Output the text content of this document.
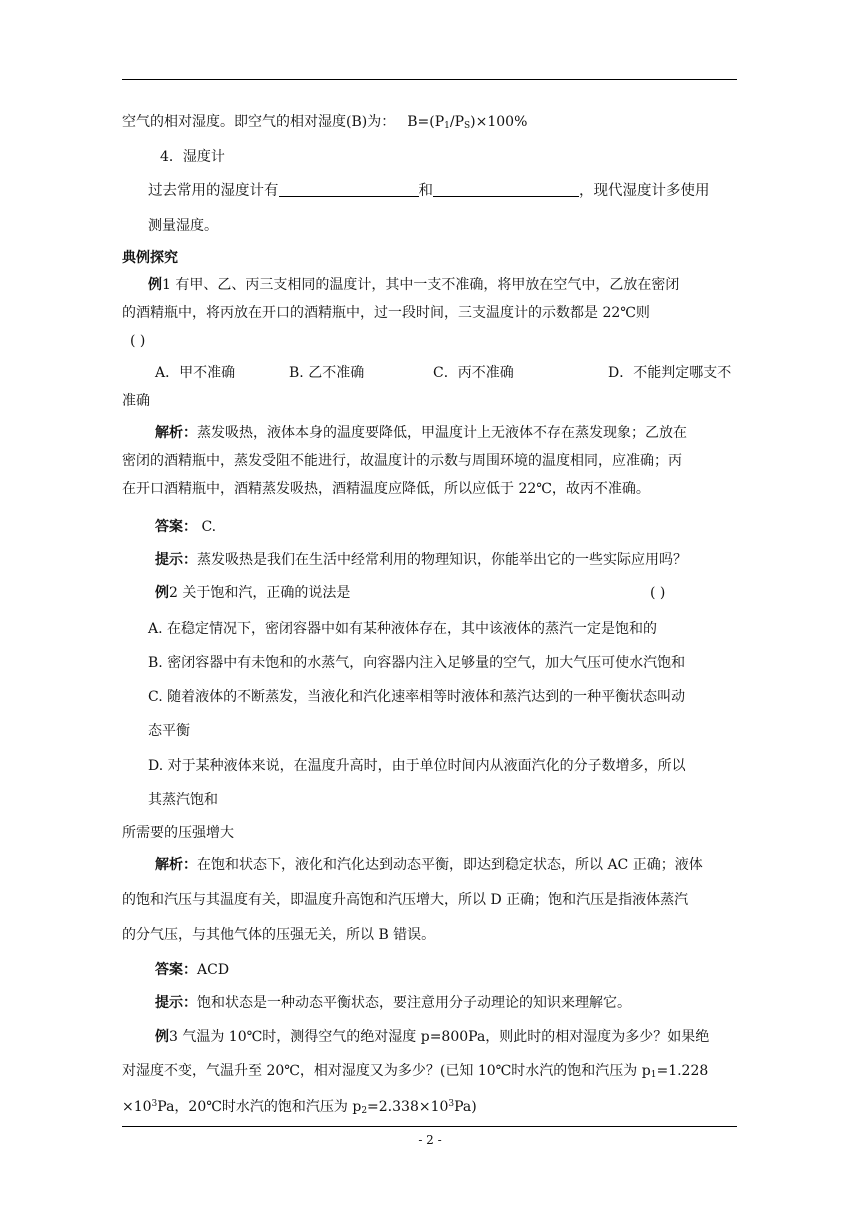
空气的相对湿度。即空气的相对湿度(B)为： $B=(P_1/P_S)\times 100\%$
4．湿度计
过去常用的湿度计有	和	，现代湿度计多使用
测量湿度。
典例探究
例1 有甲、乙、丙三支相同的温度计，其中一支不准确，将甲放在空气中，乙放在密闭
的酒精瓶中，将丙放在开口的酒精瓶中，过一段时间，三支温度计的示数都是 22℃则
( )
A．甲不准确	B. 乙不准确	C．丙不准确	D．不能判定哪支不
准确
解析：蒸发吸热，液体本身的温度要降低，甲温度计上无液体不存在蒸发现象；乙放在
密闭的酒精瓶中，蒸发受阻不能进行，故温度计的示数与周围环境的温度相同，应准确；丙
在开口酒精瓶中，酒精蒸发吸热，酒精温度应降低，所以应低于 22℃，故丙不准确。
答案： C.
提示：蒸发吸热是我们在生活中经常利用的物理知识，你能举出它的一些实际应用吗？
例2 关于饱和汽，正确的说法是	( )
A. 在稳定情况下，密闭容器中如有某种液体存在，其中该液体的蒸汽一定是饱和的
B. 密闭容器中有未饱和的水蒸气，向容器内注入足够量的空气，加大气压可使水汽饱和
C. 随着液体的不断蒸发，当液化和汽化速率相等时液体和蒸汽达到的一种平衡状态叫动
态平衡
D. 对于某种液体来说，在温度升高时，由于单位时间内从液面汽化的分子数增多，所以
其蒸汽饱和
所需要的压强增大
解析：在饱和状态下，液化和汽化达到动态平衡，即达到稳定状态，所以 AC 正确；液体
的饱和汽压与其温度有关，即温度升高饱和汽压增大，所以 D 正确；饱和汽压是指液体蒸汽
的分气压，与其他气体的压强无关，所以 B 错误。
答案：ACD
提示：饱和状态是一种动态平衡状态，要注意用分子动理论的知识来理解它。
例3 气温为 10℃时，测得空气的绝对湿度 p=800Pa，则此时的相对湿度为多少？如果绝
对湿度不变，气温升至 20℃，相对湿度又为多少？(已知 10℃时水汽的饱和汽压为 $p_1=1.228$
$\times 10^3Pa$，20℃时水汽的饱和汽压为 $p_2=2.338\times 10^3Pa$)
- 2 -
